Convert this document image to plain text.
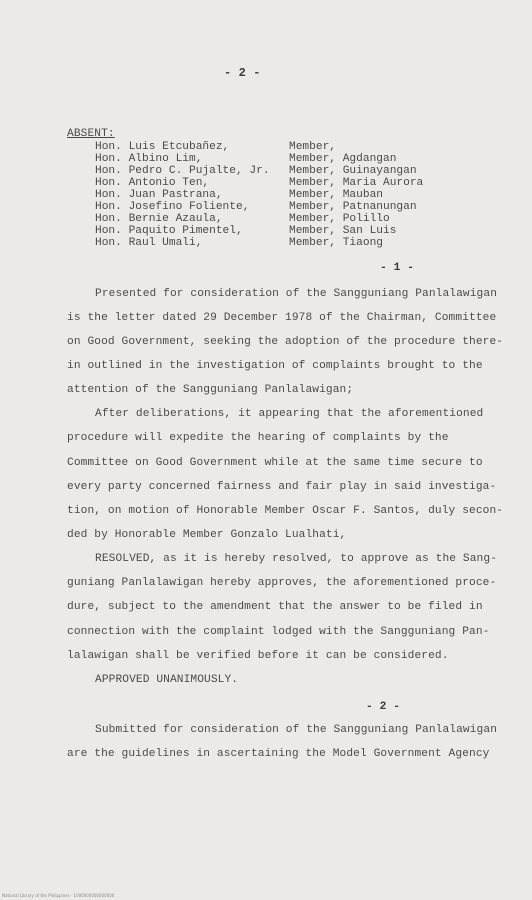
- 2 -
ABSENT:
Hon. Luis Etcubañez,	Member,
Hon. Albino Lim,	Member, Agdangan
Hon. Pedro C. Pujalte, Jr. Member, Guinayangan
Hon. Antonio Ten,	Member, Maria Aurora
Hon. Juan Pastrana,	Member, Mauban
Hon. Josefino Foliente,	Member, Patnanungan
Hon. Bernie Azaula,	Member, Polillo
Hon. Paquito Pimentel,	Member, San Luis
Hon. Raul Umali,	Member, Tiaong
- 1 -
Presented for consideration of the Sangguniang Panlalawigan
is the letter dated 29 December 1978 of the Chairman, Committee
on Good Government, seeking the adoption of the procedure there-
in outlined in the investigation of complaints brought to the
attention of the Sangguniang Panlalawigan;
After deliberations, it appearing that the aforementioned
procedure will expedite the hearing of complaints by the
Committee on Good Government while at the same time secure to
every party concerned fairness and fair play in said investiga-
tion, on motion of Honorable Member Oscar F. Santos, duly secon-
ded by Honorable Member Gonzalo Lualhati,
RESOLVED, as it is hereby resolved, to approve as the Sang-
guniang Panlalawigan hereby approves, the aforementioned proce-
dure, subject to the amendment that the answer to be filed in
connection with the complaint lodged with the Sangguniang Pan-
lalawigan shall be verified before it can be considered.
APPROVED UNANIMOUSLY.
- 2 -
Submitted for consideration of the Sangguniang Panlalawigan
are the guidelines in ascertaining the Model Government Agency
National Library of the Philippines · 1000000000000000
